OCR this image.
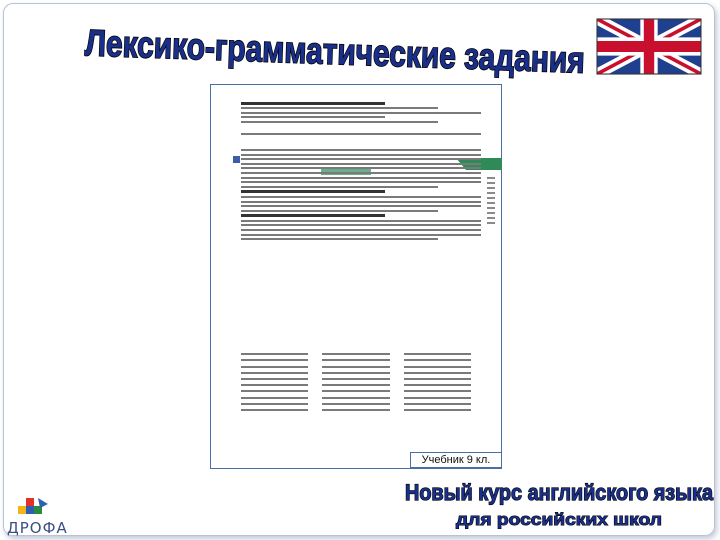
Лексико-грамматические задания
Учебник 9 кл.
ДРОФА
Новый курс английского языка
для российских школ
